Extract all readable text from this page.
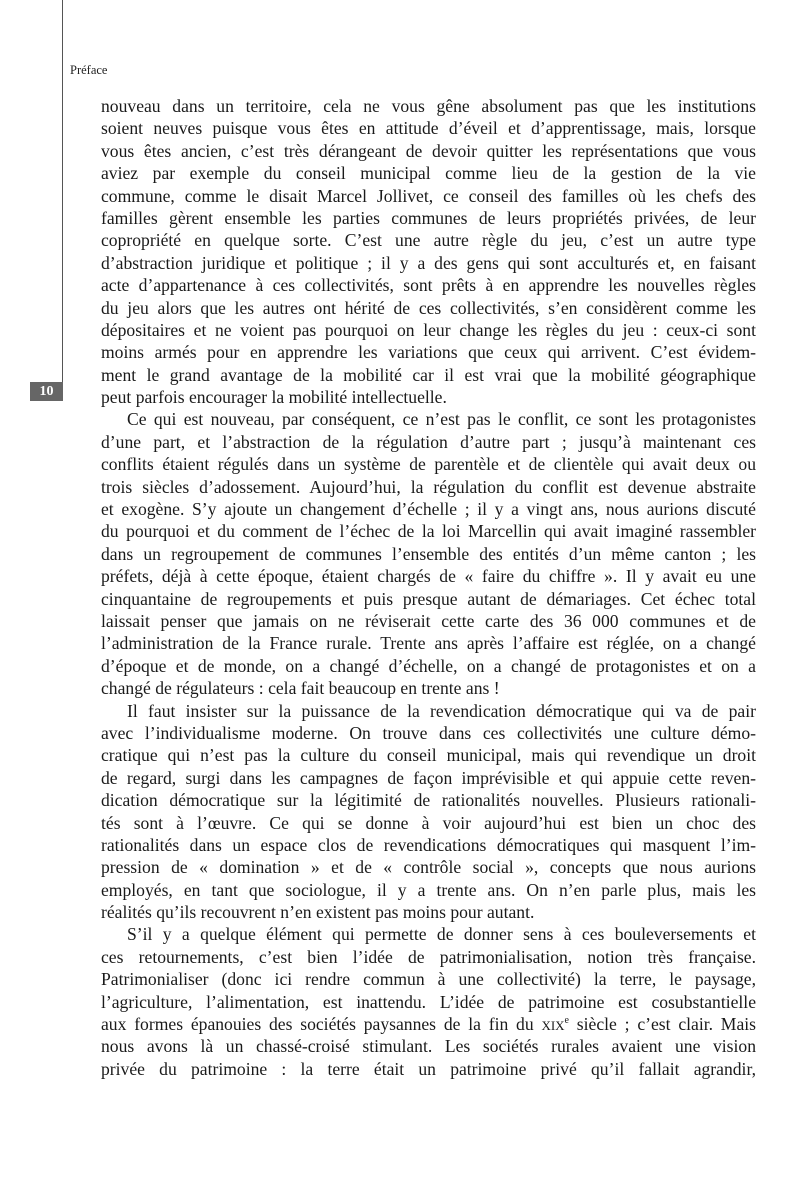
Préface
10
nouveau dans un territoire, cela ne vous gêne absolument pas que les institutions
soient neuves puisque vous êtes en attitude d’éveil et d’apprentissage, mais, lorsque
vous êtes ancien, c’est très dérangeant de devoir quitter les représentations que vous
aviez par exemple du conseil municipal comme lieu de la gestion de la vie
commune, comme le disait Marcel Jollivet, ce conseil des familles où les chefs des
familles gèrent ensemble les parties communes de leurs propriétés privées, de leur
copropriété en quelque sorte. C’est une autre règle du jeu, c’est un autre type
d’abstraction juridique et politique ; il y a des gens qui sont acculturés et, en faisant
acte d’appartenance à ces collectivités, sont prêts à en apprendre les nouvelles règles
du jeu alors que les autres ont hérité de ces collectivités, s’en considèrent comme les
dépositaires et ne voient pas pourquoi on leur change les règles du jeu : ceux-ci sont
moins armés pour en apprendre les variations que ceux qui arrivent. C’est évidem-
ment le grand avantage de la mobilité car il est vrai que la mobilité géographique
peut parfois encourager la mobilité intellectuelle.
Ce qui est nouveau, par conséquent, ce n’est pas le conflit, ce sont les protagonistes
d’une part, et l’abstraction de la régulation d’autre part ; jusqu’à maintenant ces
conflits étaient régulés dans un système de parentèle et de clientèle qui avait deux ou
trois siècles d’adossement. Aujourd’hui, la régulation du conflit est devenue abstraite
et exogène. S’y ajoute un changement d’échelle ; il y a vingt ans, nous aurions discuté
du pourquoi et du comment de l’échec de la loi Marcellin qui avait imaginé rassembler
dans un regroupement de communes l’ensemble des entités d’un même canton ; les
préfets, déjà à cette époque, étaient chargés de « faire du chiffre ». Il y avait eu une
cinquantaine de regroupements et puis presque autant de démariages. Cet échec total
laissait penser que jamais on ne réviserait cette carte des 36 000 communes et de
l’administration de la France rurale. Trente ans après l’affaire est réglée, on a changé
d’époque et de monde, on a changé d’échelle, on a changé de protagonistes et on a
changé de régulateurs : cela fait beaucoup en trente ans !
Il faut insister sur la puissance de la revendication démocratique qui va de pair
avec l’individualisme moderne. On trouve dans ces collectivités une culture démo-
cratique qui n’est pas la culture du conseil municipal, mais qui revendique un droit
de regard, surgi dans les campagnes de façon imprévisible et qui appuie cette reven-
dication démocratique sur la légitimité de rationalités nouvelles. Plusieurs rationali-
tés sont à l’œuvre. Ce qui se donne à voir aujourd’hui est bien un choc des
rationalités dans un espace clos de revendications démocratiques qui masquent l’im-
pression de « domination » et de « contrôle social », concepts que nous aurions
employés, en tant que sociologue, il y a trente ans. On n’en parle plus, mais les
réalités qu’ils recouvrent n’en existent pas moins pour autant.
S’il y a quelque élément qui permette de donner sens à ces bouleversements et
ces retournements, c’est bien l’idée de patrimonialisation, notion très française.
Patrimonialiser (donc ici rendre commun à une collectivité) la terre, le paysage,
l’agriculture, l’alimentation, est inattendu. L’idée de patrimoine est cosubstantielle
aux formes épanouies des sociétés paysannes de la fin du XIXe siècle ; c’est clair. Mais
nous avons là un chassé-croisé stimulant. Les sociétés rurales avaient une vision
privée du patrimoine : la terre était un patrimoine privé qu’il fallait agrandir,
